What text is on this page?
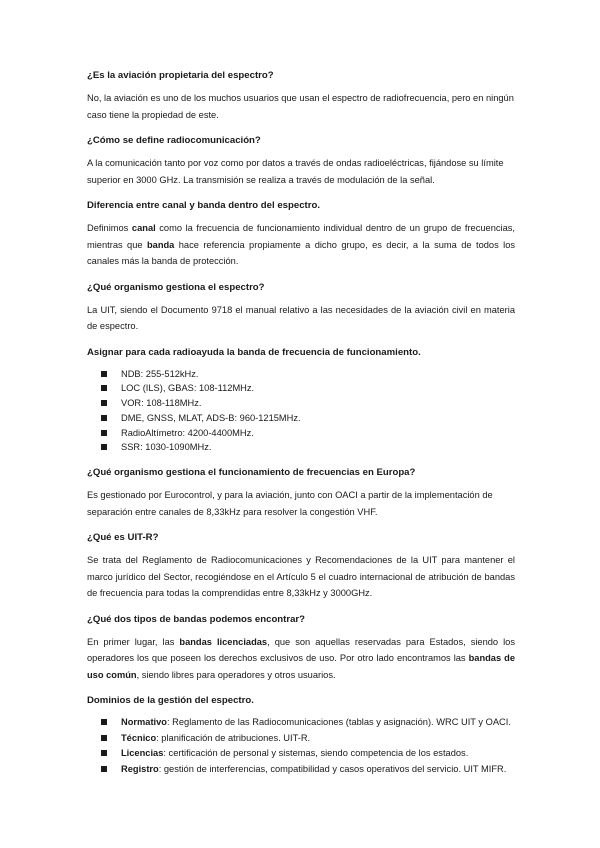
¿Es la aviación propietaria del espectro?
No, la aviación es uno de los muchos usuarios que usan el espectro de radiofrecuencia, pero en ningún caso tiene la propiedad de este.
¿Cómo se define radiocomunicación?
A la comunicación tanto por voz como por datos a través de ondas radioeléctricas, fijándose su límite superior en 3000 GHz. La transmisión se realiza a través de modulación de la señal.
Diferencia entre canal y banda dentro del espectro.
Definimos canal como la frecuencia de funcionamiento individual dentro de un grupo de frecuencias, mientras que banda hace referencia propiamente a dicho grupo, es decir, a la suma de todos los canales más la banda de protección.
¿Qué organismo gestiona el espectro?
La UIT, siendo el Documento 9718 el manual relativo a las necesidades de la aviación civil en materia de espectro.
Asignar para cada radioayuda la banda de frecuencia de funcionamiento.
NDB: 255-512kHz.
LOC (ILS), GBAS: 108-112MHz.
VOR: 108-118MHz.
DME, GNSS, MLAT, ADS-B: 960-1215MHz.
RadioAltímetro: 4200-4400MHz.
SSR: 1030-1090MHz.
¿Qué organismo gestiona el funcionamiento de frecuencias en Europa?
Es gestionado por Eurocontrol, y para la aviación, junto con OACI a partir de la implementación de separación entre canales de 8,33kHz para resolver la congestión VHF.
¿Qué es UIT-R?
Se trata del Reglamento de Radiocomunicaciones y Recomendaciones de la UIT para mantener el marco jurídico del Sector, recogiéndose en el Artículo 5 el cuadro internacional de atribución de bandas de frecuencia para todas la comprendidas entre 8,33kHz y 3000GHz.
¿Qué dos tipos de bandas podemos encontrar?
En primer lugar, las bandas licenciadas, que son aquellas reservadas para Estados, siendo los operadores los que poseen los derechos exclusivos de uso. Por otro lado encontramos las bandas de uso común, siendo libres para operadores y otros usuarios.
Dominios de la gestión del espectro.
Normativo: Reglamento de las Radiocomunicaciones (tablas y asignación). WRC UIT y OACI.
Técnico: planificación de atribuciones. UIT-R.
Licencias: certificación de personal y sistemas, siendo competencia de los estados.
Registro: gestión de interferencias, compatibilidad y casos operativos del servicio. UIT MIFR.
